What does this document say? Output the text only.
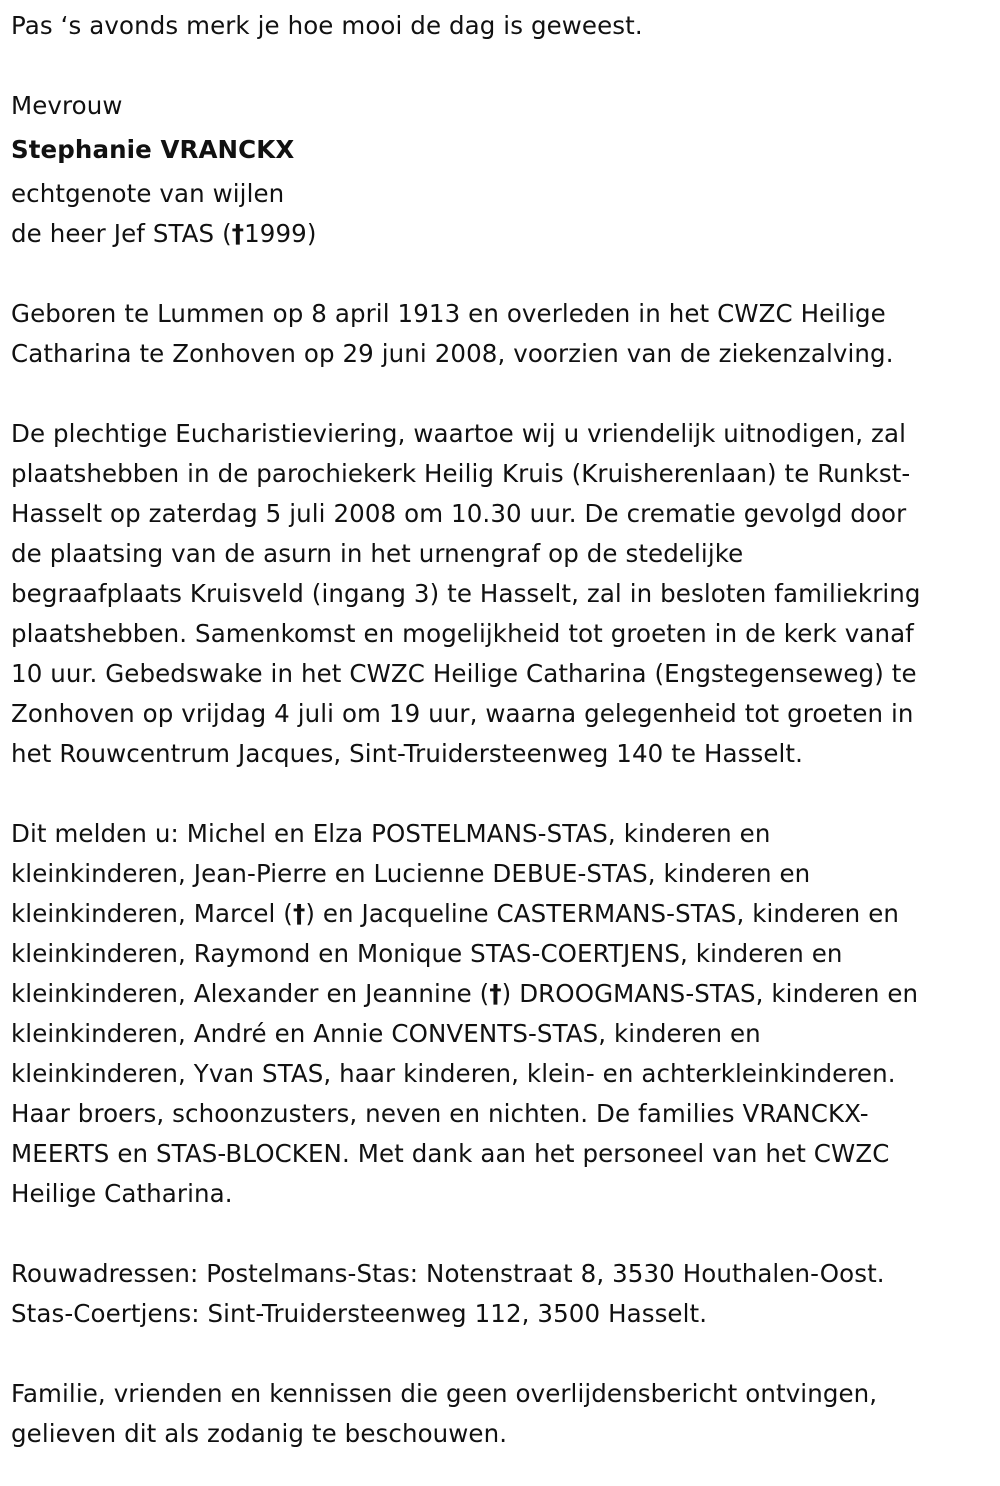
Pas ‘s avonds merk je hoe mooi de dag is geweest.
Mevrouw
Stephanie VRANCKX
echtgenote van wijlen
de heer Jef STAS (†1999)
Geboren te Lummen op 8 april 1913 en overleden in het CWZC Heilige
Catharina te Zonhoven op 29 juni 2008, voorzien van de ziekenzalving.
De plechtige Eucharistieviering, waartoe wij u vriendelijk uitnodigen, zal
plaatshebben in de parochiekerk Heilig Kruis (Kruisherenlaan) te Runkst-
Hasselt op zaterdag 5 juli 2008 om 10.30 uur. De crematie gevolgd door
de plaatsing van de asurn in het urnengraf op de stedelijke
begraafplaats Kruisveld (ingang 3) te Hasselt, zal in besloten familiekring
plaatshebben. Samenkomst en mogelijkheid tot groeten in de kerk vanaf
10 uur. Gebedswake in het CWZC Heilige Catharina (Engstegenseweg) te
Zonhoven op vrijdag 4 juli om 19 uur, waarna gelegenheid tot groeten in
het Rouwcentrum Jacques, Sint-Truidersteenweg 140 te Hasselt.
Dit melden u: Michel en Elza POSTELMANS-STAS, kinderen en
kleinkinderen, Jean-Pierre en Lucienne DEBUE-STAS, kinderen en
kleinkinderen, Marcel (†) en Jacqueline CASTERMANS-STAS, kinderen en
kleinkinderen, Raymond en Monique STAS-COERTJENS, kinderen en
kleinkinderen, Alexander en Jeannine (†) DROOGMANS-STAS, kinderen en
kleinkinderen, André en Annie CONVENTS-STAS, kinderen en
kleinkinderen, Yvan STAS, haar kinderen, klein- en achterkleinkinderen.
Haar broers, schoonzusters, neven en nichten. De families VRANCKX-
MEERTS en STAS-BLOCKEN. Met dank aan het personeel van het CWZC
Heilige Catharina.
Rouwadressen: Postelmans-Stas: Notenstraat 8, 3530 Houthalen-Oost.
Stas-Coertjens: Sint-Truidersteenweg 112, 3500 Hasselt.
Familie, vrienden en kennissen die geen overlijdensbericht ontvingen,
gelieven dit als zodanig te beschouwen.
